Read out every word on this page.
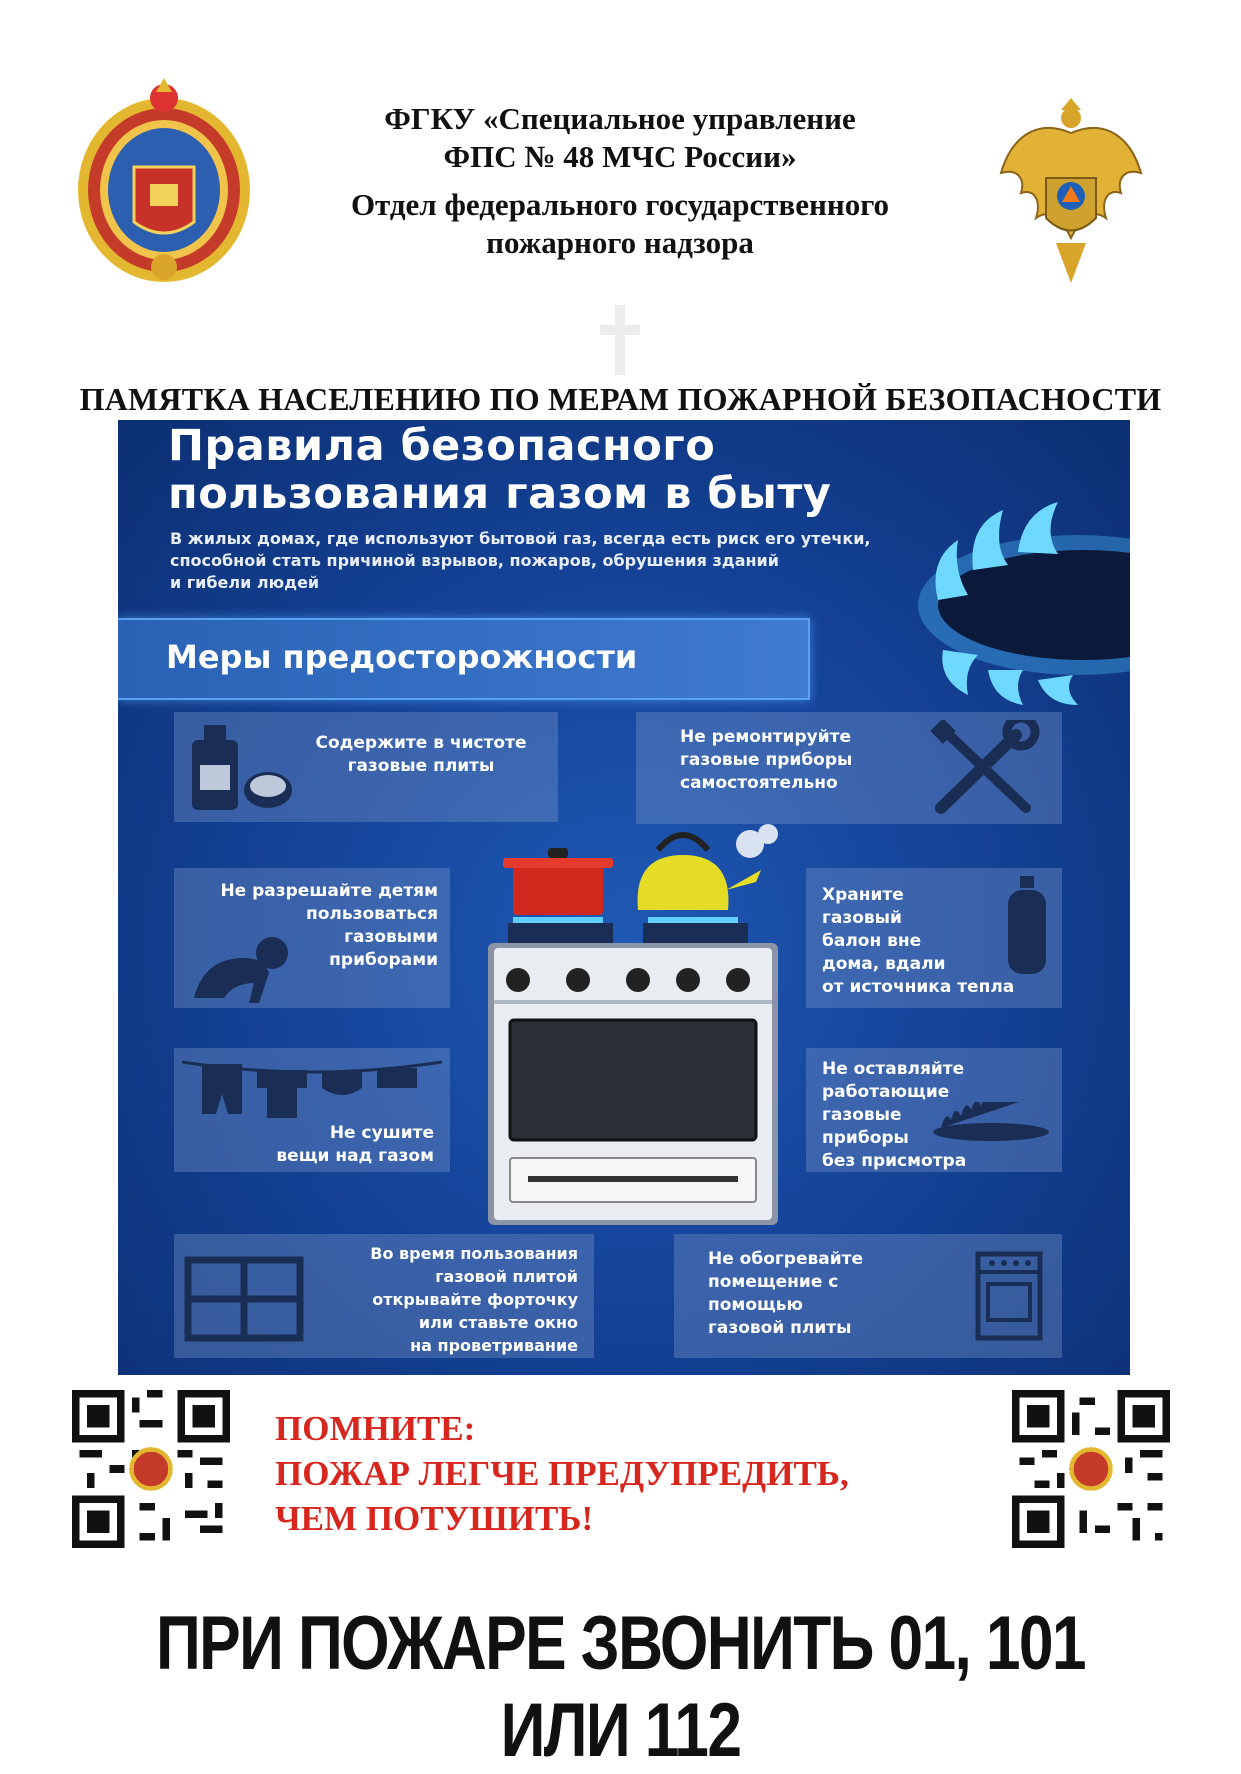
ФГКУ «Специальное управление
ФПС № 48 МЧС России»
Отдел федерального государственного
пожарного надзора
ПАМЯТКА НАСЕЛЕНИЮ ПО МЕРАМ ПОЖАРНОЙ БЕЗОПАСНОСТИ
Правила безопасного
пользования газом в быту
В жилых домах, где используют бытовой газ, всегда есть риск его утечки,
способной стать причиной взрывов, пожаров, обрушения зданий
и гибели людей
Меры предосторожности
Содержите в чистоте
газовые плиты
Не ремонтируйте
газовые приборы
самостоятельно
Не разрешайте детям
пользоваться
газовыми
приборами
Храните
газовый
балон вне
дома, вдали
от источника тепла
Не сушите
вещи над газом
Не оставляйте
работающие
газовые
приборы
без присмотра
Во время пользования
газовой плитой
открывайте форточку
или ставьте окно
на проветривание
Не обогревайте
помещение с
помощью
газовой плиты
ПОМНИТЕ:
ПОЖАР ЛЕГЧЕ ПРЕДУПРЕДИТЬ,
ЧЕМ ПОТУШИТЬ!
ПРИ ПОЖАРЕ ЗВОНИТЬ 01, 101 ИЛИ 112
